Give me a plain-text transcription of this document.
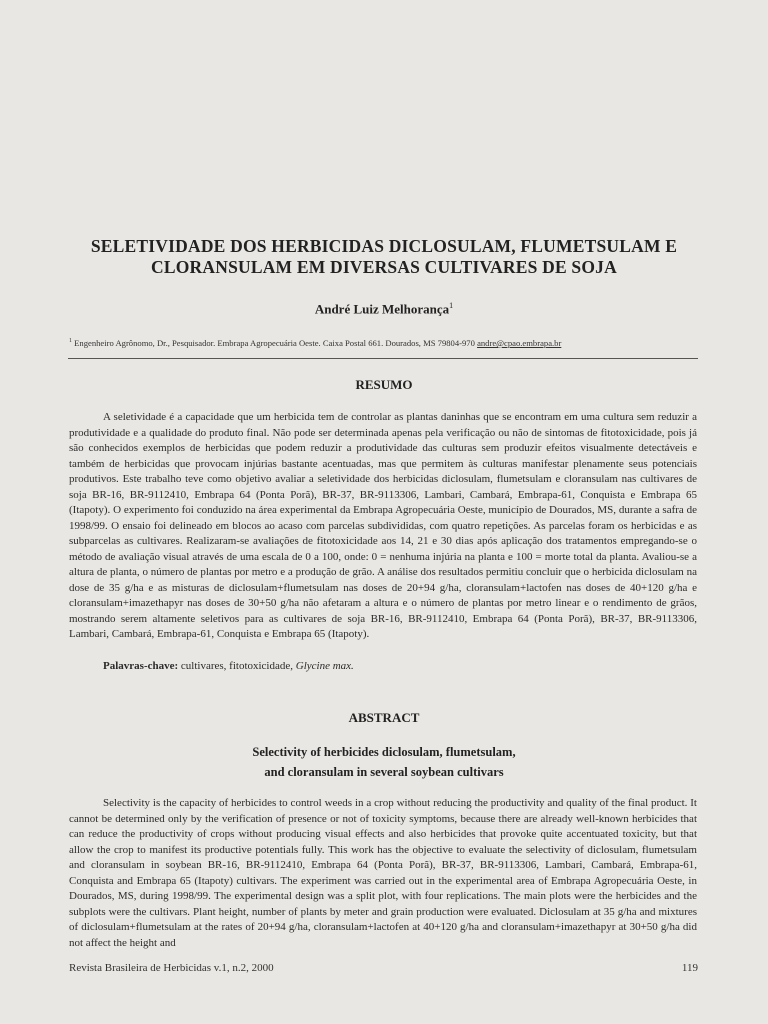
SELETIVIDADE DOS HERBICIDAS DICLOSULAM, FLUMETSULAM E
CLORANSULAM EM DIVERSAS CULTIVARES DE SOJA
André Luiz Melhorança$^1$
$^1$ Engenheiro Agrônomo, Dr., Pesquisador. Embrapa Agropecuária Oeste. Caixa Postal 661. Dourados, MS 79804-970 andre@cpao.embrapa.br
RESUMO
A seletividade é a capacidade que um herbicida tem de controlar as plantas daninhas que se encontram em uma cultura sem reduzir a produtividade e a qualidade do produto final. Não pode ser determinada apenas pela verificação ou não de sintomas de fitotoxicidade, pois já são conhecidos exemplos de herbicidas que podem reduzir a produtividade das culturas sem produzir efeitos visualmente detectáveis e também de herbicidas que provocam injúrias bastante acentuadas, mas que permitem às culturas manifestar plenamente seus potenciais produtivos. Este trabalho teve como objetivo avaliar a seletividade dos herbicidas diclosulam, flumetsulam e cloransulam nas cultivares de soja BR-16, BR-9112410, Embrapa 64 (Ponta Porã), BR-37, BR-9113306, Lambari, Cambará, Embrapa-61, Conquista e Embrapa 65 (Itapoty). O experimento foi conduzido na área experimental da Embrapa Agropecuária Oeste, município de Dourados, MS, durante a safra de 1998/99. O ensaio foi delineado em blocos ao acaso com parcelas subdivididas, com quatro repetições. As parcelas foram os herbicidas e as subparcelas as cultivares. Realizaram-se avaliações de fitotoxicidade aos 14, 21 e 30 dias após aplicação dos tratamentos empregando-se o método de avaliação visual através de uma escala de 0 a 100, onde: 0 = nenhuma injúria na planta e 100 = morte total da planta. Avaliou-se a altura de planta, o número de plantas por metro e a produção de grão. A análise dos resultados permitiu concluir que o herbicida diclosulam na dose de 35 g/ha e as misturas de diclosulam+flumetsulam nas doses de 20+94 g/ha, cloransulam+lactofen nas doses de 40+120 g/ha e cloransulam+imazethapyr nas doses de 30+50 g/ha não afetaram a altura e o número de plantas por metro linear e o rendimento de grãos, mostrando serem altamente seletivos para as cultivares de soja BR-16, BR-9112410, Embrapa 64 (Ponta Porã), BR-37, BR-9113306, Lambari, Cambará, Embrapa-61, Conquista e Embrapa 65 (Itapoty).
Palavras-chave: cultivares, fitotoxicidade, Glycine max.
ABSTRACT
Selectivity of herbicides diclosulam, flumetsulam,
and cloransulam in several soybean cultivars
Selectivity is the capacity of herbicides to control weeds in a crop without reducing the productivity and quality of the final product. It cannot be determined only by the verification of presence or not of toxicity symptoms, because there are already well-known herbicides that can reduce the productivity of crops without producing visual effects and also herbicides that provoke quite accentuated toxicity, but that allow the crop to manifest its productive potentials fully. This work has the objective to evaluate the selectivity of diclosulam, flumetsulam and cloransulam in soybean BR-16, BR-9112410, Embrapa 64 (Ponta Porã), BR-37, BR-9113306, Lambari, Cambará, Embrapa-61, Conquista and Embrapa 65 (Itapoty) cultivars. The experiment was carried out in the experimental area of Embrapa Agropecuária Oeste, in Dourados, MS, during 1998/99. The experimental design was a split plot, with four replications. The main plots were the herbicides and the subplots were the cultivars. Plant height, number of plants by meter and grain production were evaluated. Diclosulam at 35 g/ha and mixtures of diclosulam+flumetsulam at the rates of 20+94 g/ha, cloransulam+lactofen at 40+120 g/ha and cloransulam+imazethapyr at 30+50 g/ha did not affect the height and
Revista Brasileira de Herbicidas v.1, n.2, 2000	119
